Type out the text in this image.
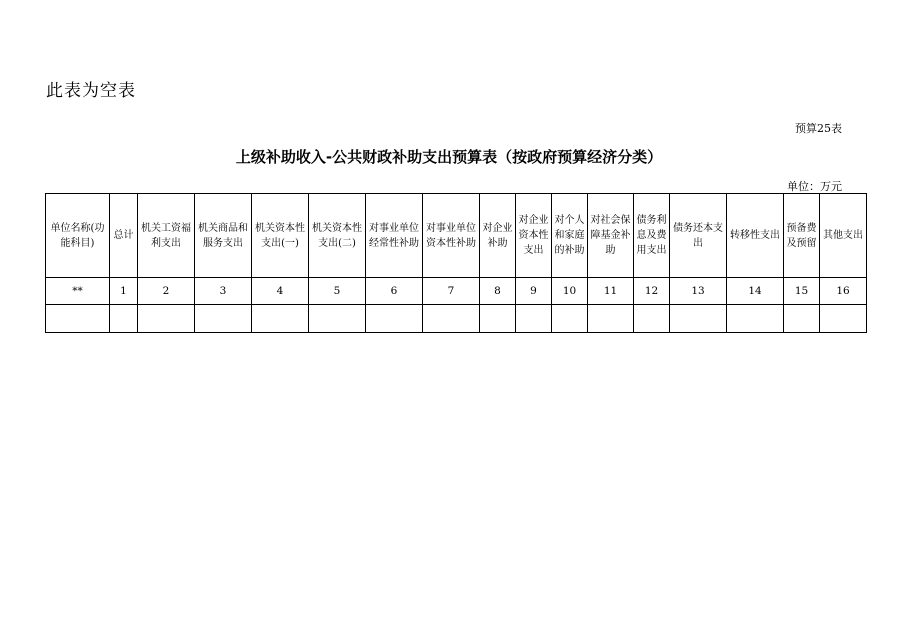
此表为空表
预算25表
上级补助收入-公共财政补助支出预算表（按政府预算经济分类）
单位：万元
单位名称(功能科目)	总计	机关工资福利支出	机关商品和服务支出	机关资本性支出(一)	机关资本性支出(二)	对事业单位经常性补助	对事业单位资本性补助	对企业补助	对企业资本性支出	对个人和家庭的补助	对社会保障基金补助	债务利息及费用支出	债务还本支出	转移性支出	预备费及预留	其他支出
**	1	2	3	4	5	6	7	8	9	10	11	12	13	14	15	16
